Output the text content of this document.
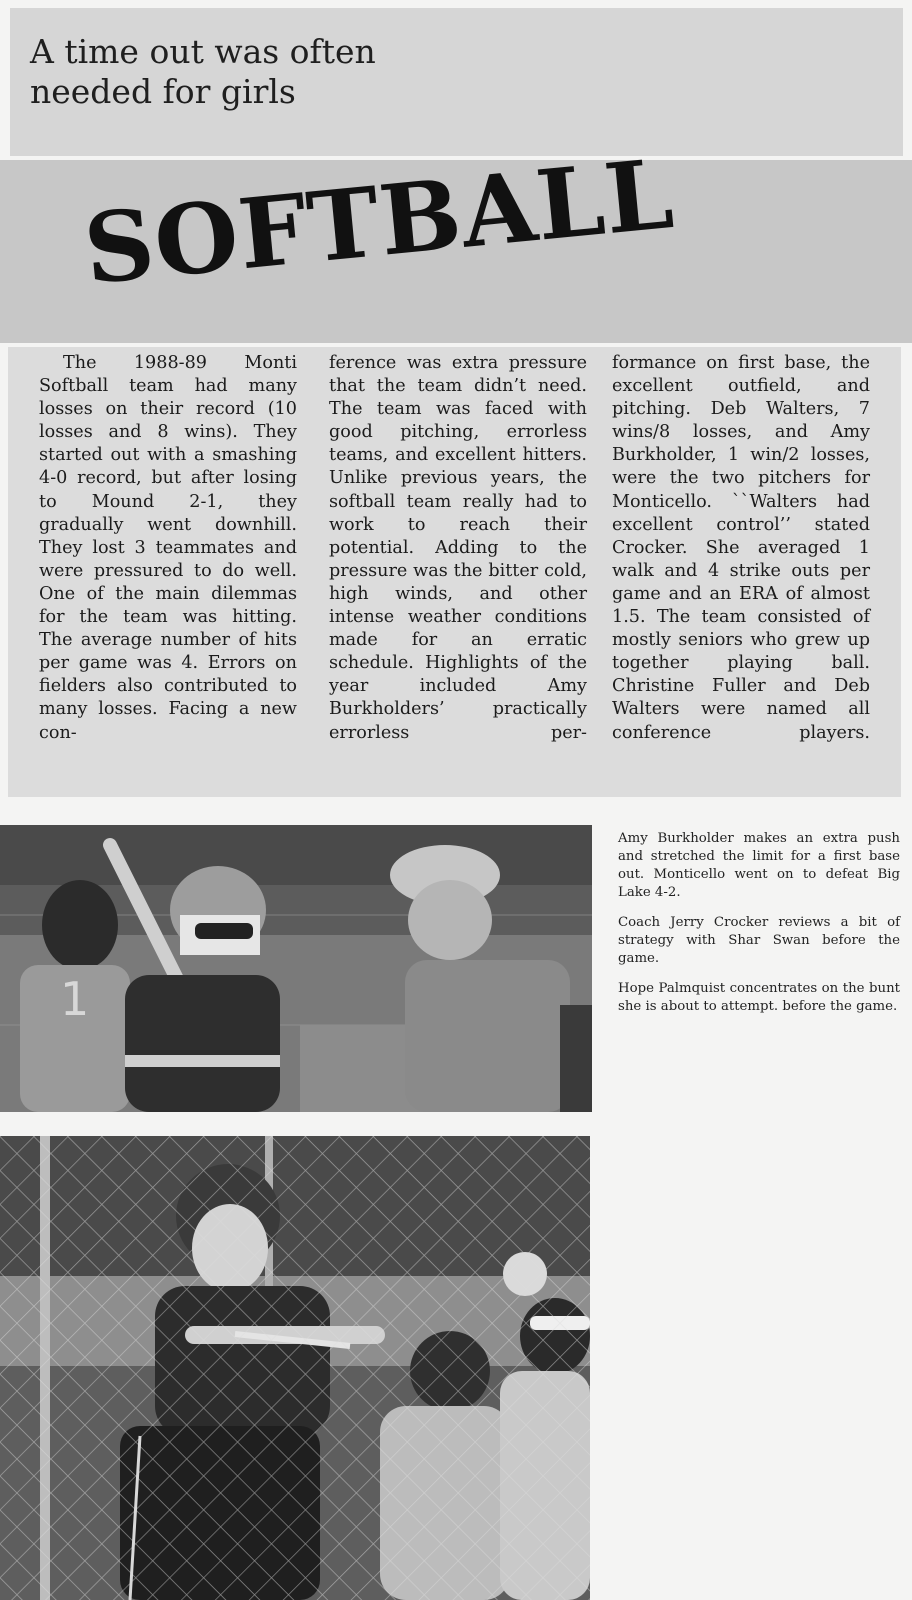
A time out was often
needed for girls
SOFTBALL

The 1988-89 Monti Softball team had many losses on their record (10 losses and 8 wins). They started out with a smashing 4-0 record, but after losing to Mound 2-1, they gradually went downhill. They lost 3 teammates and were pressured to do well. One of the main dilemmas for the team was hitting. The average number of hits per game was 4. Errors on fielders also contributed to many losses. Facing a new con-

ference was extra pressure that the team didn’t need. The team was faced with good pitching, errorless teams, and excellent hitters. Unlike previous years, the softball team really had to work to reach their potential. Adding to the pressure was the bitter cold, high winds, and other intense weather conditions made for an erratic schedule. Highlights of the year included Amy Burkholders’ practically errorless per-

formance on first base, the excellent outfield, and pitching. Deb Walters, 7 wins/8 losses, and Amy Burkholder, 1 win/2 losses, were the two pitchers for Monticello. ``Walters had excellent control’’ stated Crocker. She averaged 1 walk and 4 strike outs per game and an ERA of almost 1.5. The team consisted of mostly seniors who grew up together playing ball. Christine Fuller and Deb Walters were named all conference players.

1

Amy Burkholder makes an extra push and stretched the limit for a first base out. Monticello went on to defeat Big Lake 4-2.

Coach Jerry Crocker reviews a bit of strategy with Shar Swan before the game.

Hope Palmquist concentrates on the bunt she is about to attempt. before the game.
